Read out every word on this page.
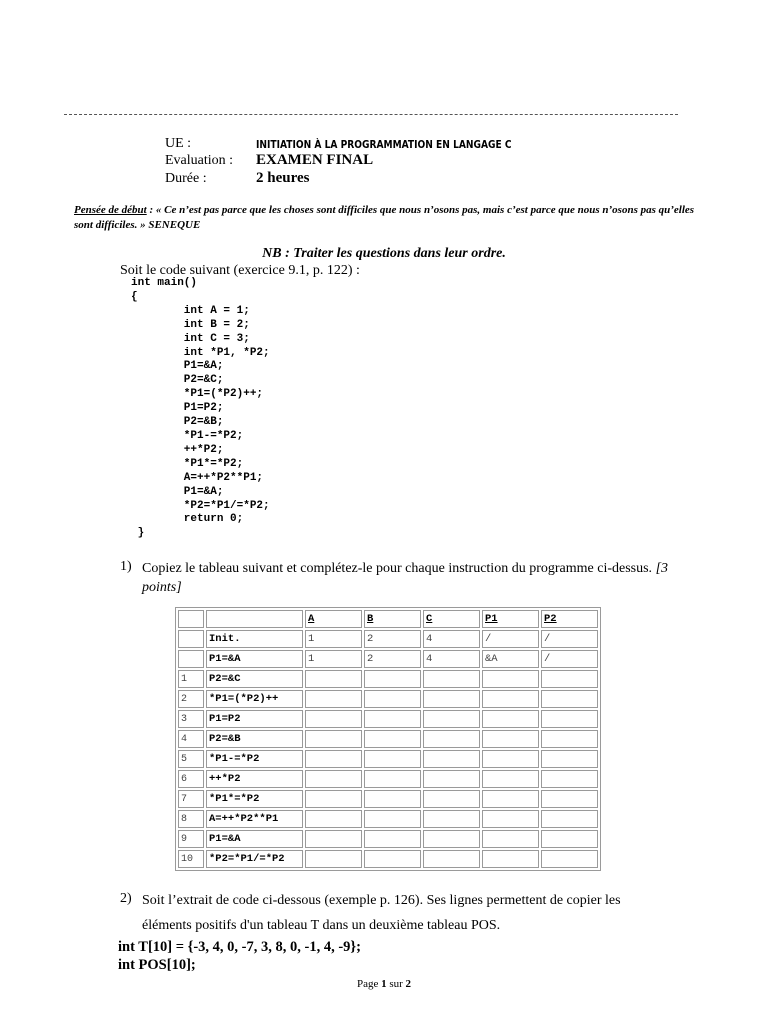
UE :	INITIATION À LA PROGRAMMATION EN LANGAGE C
Evaluation : EXAMEN FINAL
Durée :	2 heures
Pensée de début : « Ce n’est pas parce que les choses sont difficiles que nous n’osons pas, mais c’est parce que nous n’osons pas qu’elles sont difficiles. » SENEQUE
NB : Traiter les questions dans leur ordre.
Soit le code suivant (exercice 9.1, p. 122) :
int main()
{
int A = 1;
int B = 2;
int C = 3;
int *P1, *P2;
P1=&A;
P2=&C;
*P1=(*P2)++;
P1=P2;
P2=&B;
*P1-=*P2;
++*P2;
*P1*=*P2;
A=++*P2**P1;
P1=&A;
*P2=*P1/=*P2;
return 0;
}
1) Copiez le tableau suivant et complétez-le pour chaque instruction du programme ci-dessus. [3 points]
		A	B	C	P1	P2
	Init.	1	2	4	/	/
	P1=&A	1	2	4	&A	/
1	P2=&C					
2	*P1=(*P2)++					
3	P1=P2					
4	P2=&B					
5	*P1-=*P2					
6	++*P2					
7	*P1*=*P2					
8	A=++*P2**P1					
9	P1=&A					
10	*P2=*P1/=*P2					
2) Soit l’extrait de code ci-dessous (exemple p. 126). Ses lignes permettent de copier les
éléments positifs d'un tableau T dans un deuxième tableau POS.
int T[10] = {-3, 4, 0, -7, 3, 8, 0, -1, 4, -9};
int POS[10];
Page 1 sur 2
